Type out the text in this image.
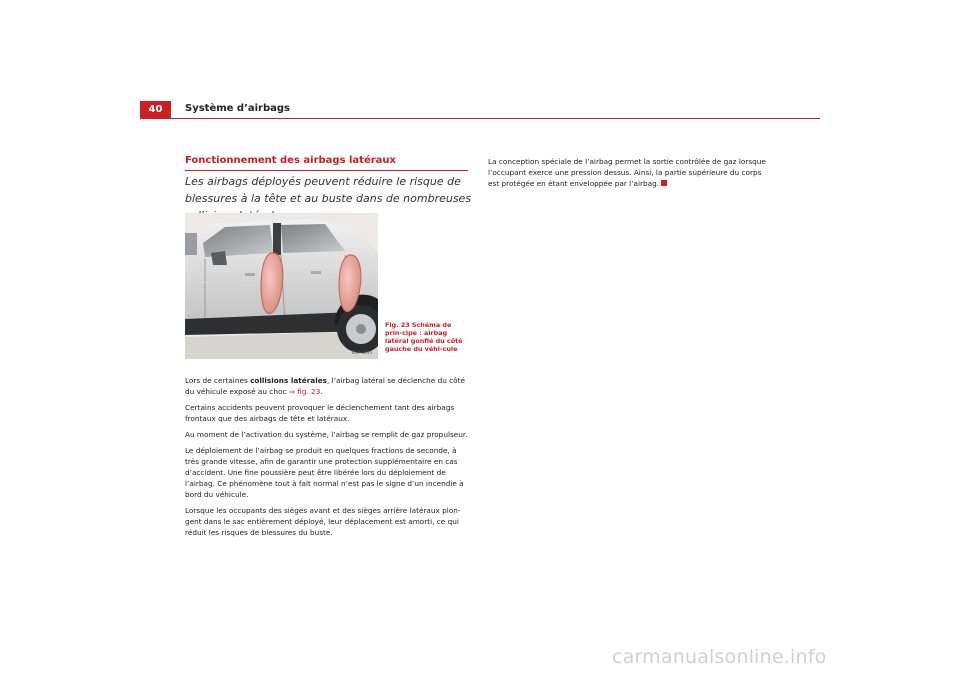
40	Système d’airbags
Fonctionnement des airbags latéraux
Les airbags déployés peuvent réduire le risque de blessures à la tête et au buste dans de nombreuses
B5P-0495
Fig. 23 Schéma de prin-cipe : airbag latéral gonflé du côté gauche du véhi-cule

Lors de certaines collisions latérales, l’airbag latéral se déclenche du côté du véhicule exposé au choc ⇒ fig. 23.

Certains accidents peuvent provoquer le déclenchement tant des airbags frontaux que des airbags de tête et latéraux.

Au moment de l’activation du système, l’airbag se remplit de gaz propulseur.

Le déploiement de l’airbag se produit en quelques fractions de seconde, à très grande vitesse, afin de garantir une protection supplémentaire en cas d’accident. Une fine poussière peut être libérée lors du déploiement de l’airbag. Ce phénomène tout à fait normal n’est pas le signe d’un incendie à bord du véhicule.

Lorsque les occupants des sièges avant et des sièges arrière latéraux plon-gent dans le sac entièrement déployé, leur déplacement est amorti, ce qui réduit les risques de blessures du buste.

La conception spéciale de l’airbag permet la sortie contrôlée de gaz lorsque l’occupant exerce une pression dessus. Ainsi, la partie supérieure du corps est protégée en étant enveloppée par l’airbag.

carmanualsonline.info
